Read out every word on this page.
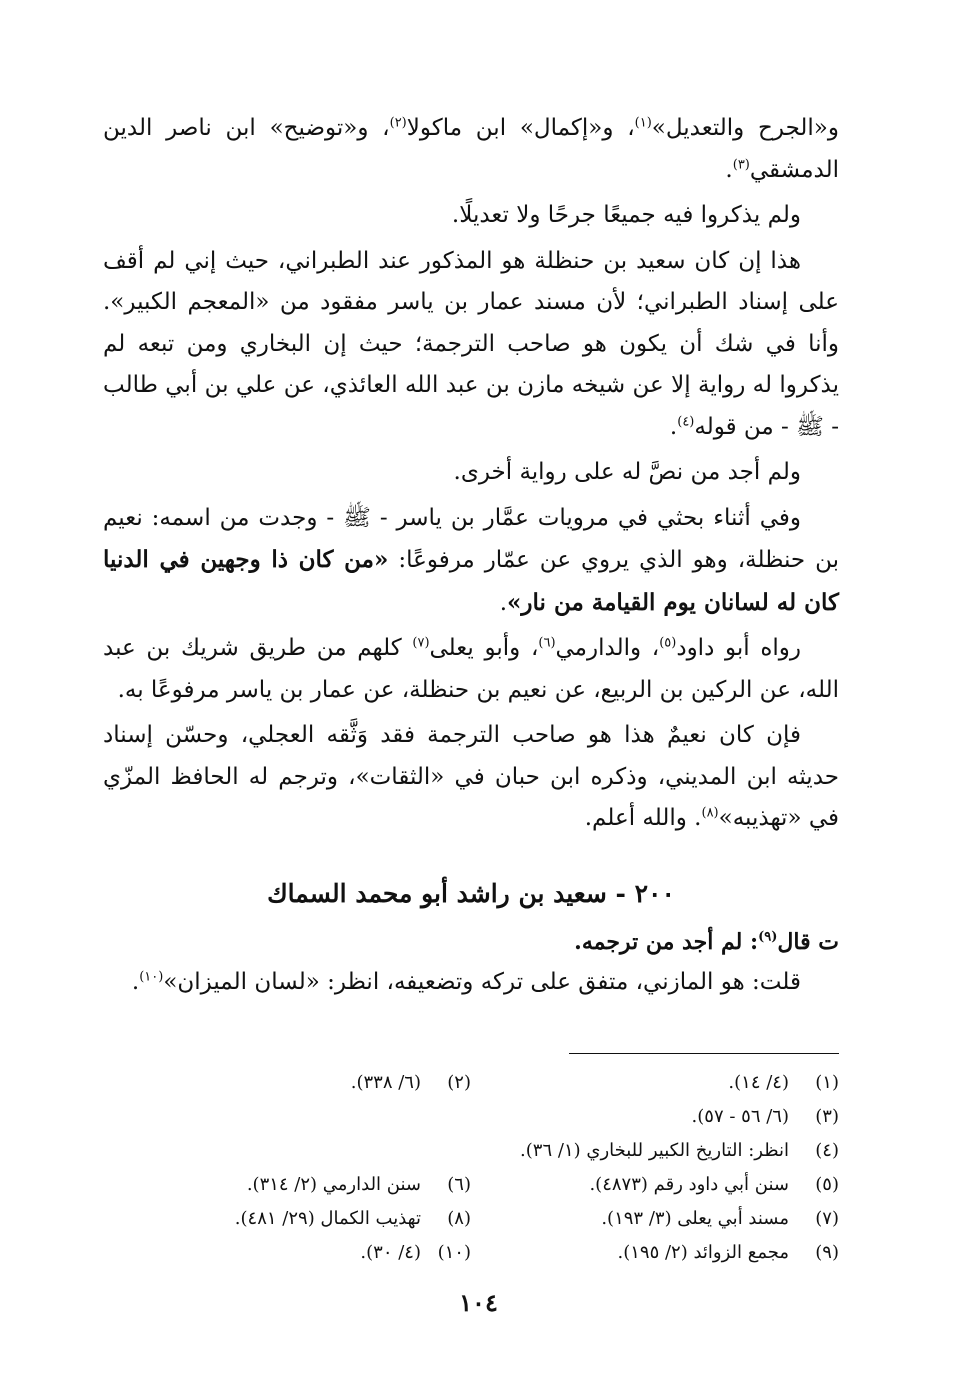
و«الجرح والتعديل»$^{(١)}$، و«إكمال» ابن ماكولا$^{(٢)}$، و«توضيح» ابن ناصر الدين الدمشقي$^{(٣)}$.

ولم يذكروا فيه جميعًا جرحًا ولا تعديلًا.

هذا إن كان سعيد بن حنظلة هو المذكور عند الطبراني، حيث إني لم أقف على إسناد الطبراني؛ لأن مسند عمار بن ياسر مفقود من «المعجم الكبير». وأنا في شك أن يكون هو صاحب الترجمة؛ حيث إن البخاري ومن تبعه لم يذكروا له رواية إلا عن شيخه مازن بن عبد الله العائذي، عن علي بن أبي طالب - ﷺ - من قوله$^{(٤)}$.

ولم أجد من نصَّ له على رواية أخرى.

وفي أثناء بحثي في مرويات عمَّار بن ياسر - ﷺ - وجدت من اسمه: نعيم بن حنظلة، وهو الذي يروي عن عمّار مرفوعًا: «من كان ذا وجهين في الدنيا كان له لسانان يوم القيامة من نار».

رواه أبو داود$^{(٥)}$، والدارمي$^{(٦)}$، وأبو يعلى$^{(٧)}$ كلهم من طريق شريك بن عبد الله، عن الركين بن الربيع، عن نعيم بن حنظلة، عن عمار بن ياسر مرفوعًا به.

فإن كان نعيمٌ هذا هو صاحب الترجمة فقد وَثَّقه العجلي، وحسّن إسناد حديثه ابن المديني، وذكره ابن حبان في «الثقات»، وترجم له الحافظ المزّي في «تهذيبه»$^{(٨)}$. والله أعلم.

٢٠٠ - سعيد بن راشد أبو محمد السماك

ت قال$^{(٩)}$: لم أجد من ترجمه.

قلت: هو المازني، متفق على تركه وتضعيفه، انظر: «لسان الميزان»$^{(١٠)}$.

(١)
(٤/ ١٤).
(٢)
(٦/ ٣٣٨).
(٣)
(٦/ ٥٦ - ٥٧).
(٤)
انظر: التاريخ الكبير للبخاري (١/ ٣٦).
(٥)
سنن أبي داود رقم (٤٨٧٣).
(٦)
سنن الدارمي (٢/ ٣١٤).
(٧)
مسند أبي يعلى (٣/ ١٩٣).
(٨)
تهذيب الكمال (٢٩/ ٤٨١).
(٩)
مجمع الزوائد (٢/ ١٩٥).
(١٠)
(٤/ ٣٠).
١٠٤
